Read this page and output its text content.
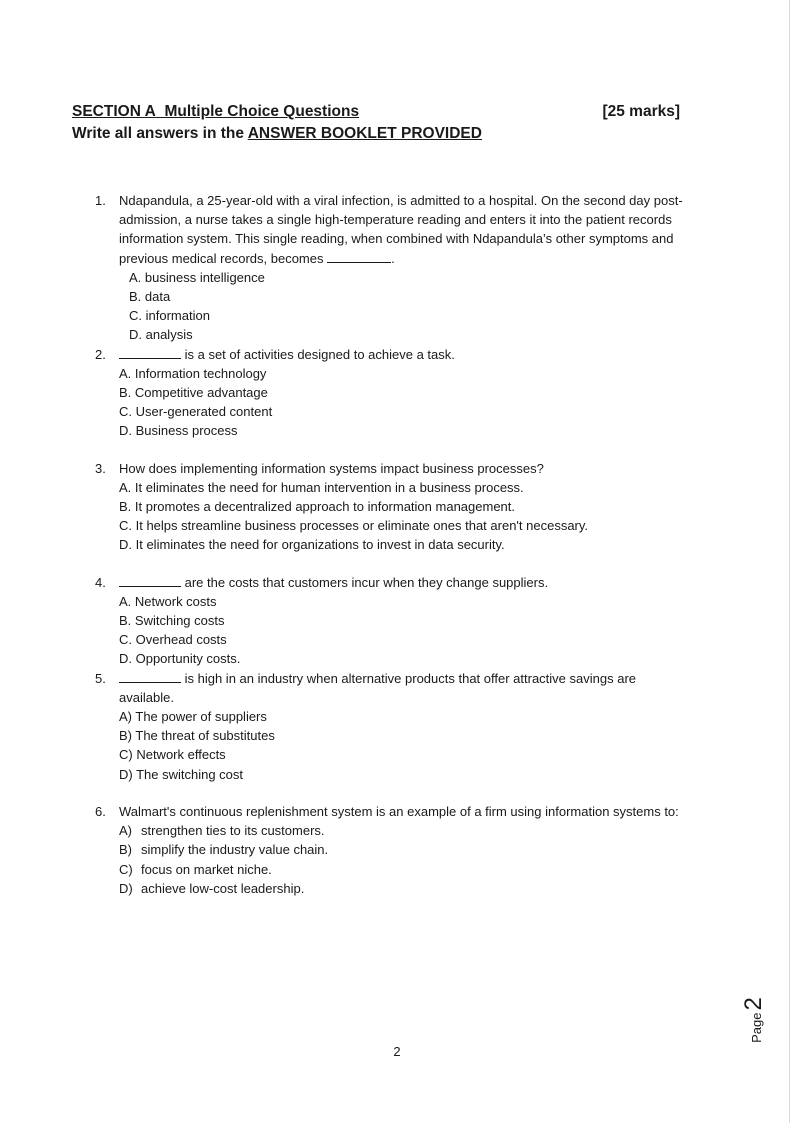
SECTION A Multiple Choice Questions	[25 marks]
Write all answers in the ANSWER BOOKLET PROVIDED
1.	Ndapandula, a 25-year-old with a viral infection, is admitted to a hospital. On the second day post-admission, a nurse takes a single high-temperature reading and enters it into the patient records information system. This single reading, when combined with Ndapandula’s other symptoms and previous medical records, becomes	.
A. business intelligence
B. data
C. information
D. analysis
2.	is a set of activities designed to achieve a task.
A. Information technology
B. Competitive advantage
C. User-generated content
D. Business process
3.	How does implementing information systems impact business processes?
A. It eliminates the need for human intervention in a business process.
B. It promotes a decentralized approach to information management.
C. It helps streamline business processes or eliminate ones that aren't necessary.
D. It eliminates the need for organizations to invest in data security.
4.	are the costs that customers incur when they change suppliers.
A. Network costs
B. Switching costs
C. Overhead costs
D. Opportunity costs.
5.	is high in an industry when alternative products that offer attractive savings are available.
A) The power of suppliers
B) The threat of substitutes
C) Network effects
D) The switching cost
6.	Walmart's continuous replenishment system is an example of a firm using information systems to:
A) strengthen ties to its customers.
B) simplify the industry value chain.
C) focus on market niche.
D) achieve low-cost leadership.
2
Page
2
